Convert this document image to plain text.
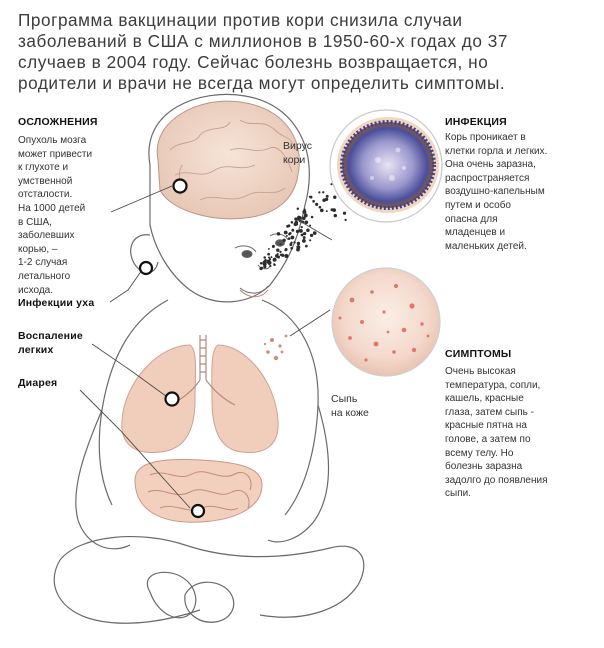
Программа вакцинации против кори снизила случаи
заболеваний в США с миллионов в 1950-60-х годах до 37
случаев в 2004 году. Сейчас болезнь возвращается, но
родители и врачи не всегда могут определить симптомы.
ОСЛОЖНЕНИЯ
Опухоль мозга
может привести
к глухоте и
умственной
отсталости.
На 1000 детей
в США,
заболевших
корью, –
1-2 случая
летального
исхода.
Инфекции уха
Воспаление
легких
Диарея
Вирус
кори
Сыпь
на коже
ИНФЕКЦИЯ
Корь проникает в
клетки горла и легких.
Она очень заразна,
распространяется
воздушно-капельным
путем и особо
опасна для
младенцев и
маленьких детей.
СИМПТОМЫ
Очень высокая
температура, сопли,
кашель, красные
глаза, затем сыпь -
красные пятна на
голове, а затем по
всему телу. Но
болезнь заразна
задолго до появления
сыпи.
